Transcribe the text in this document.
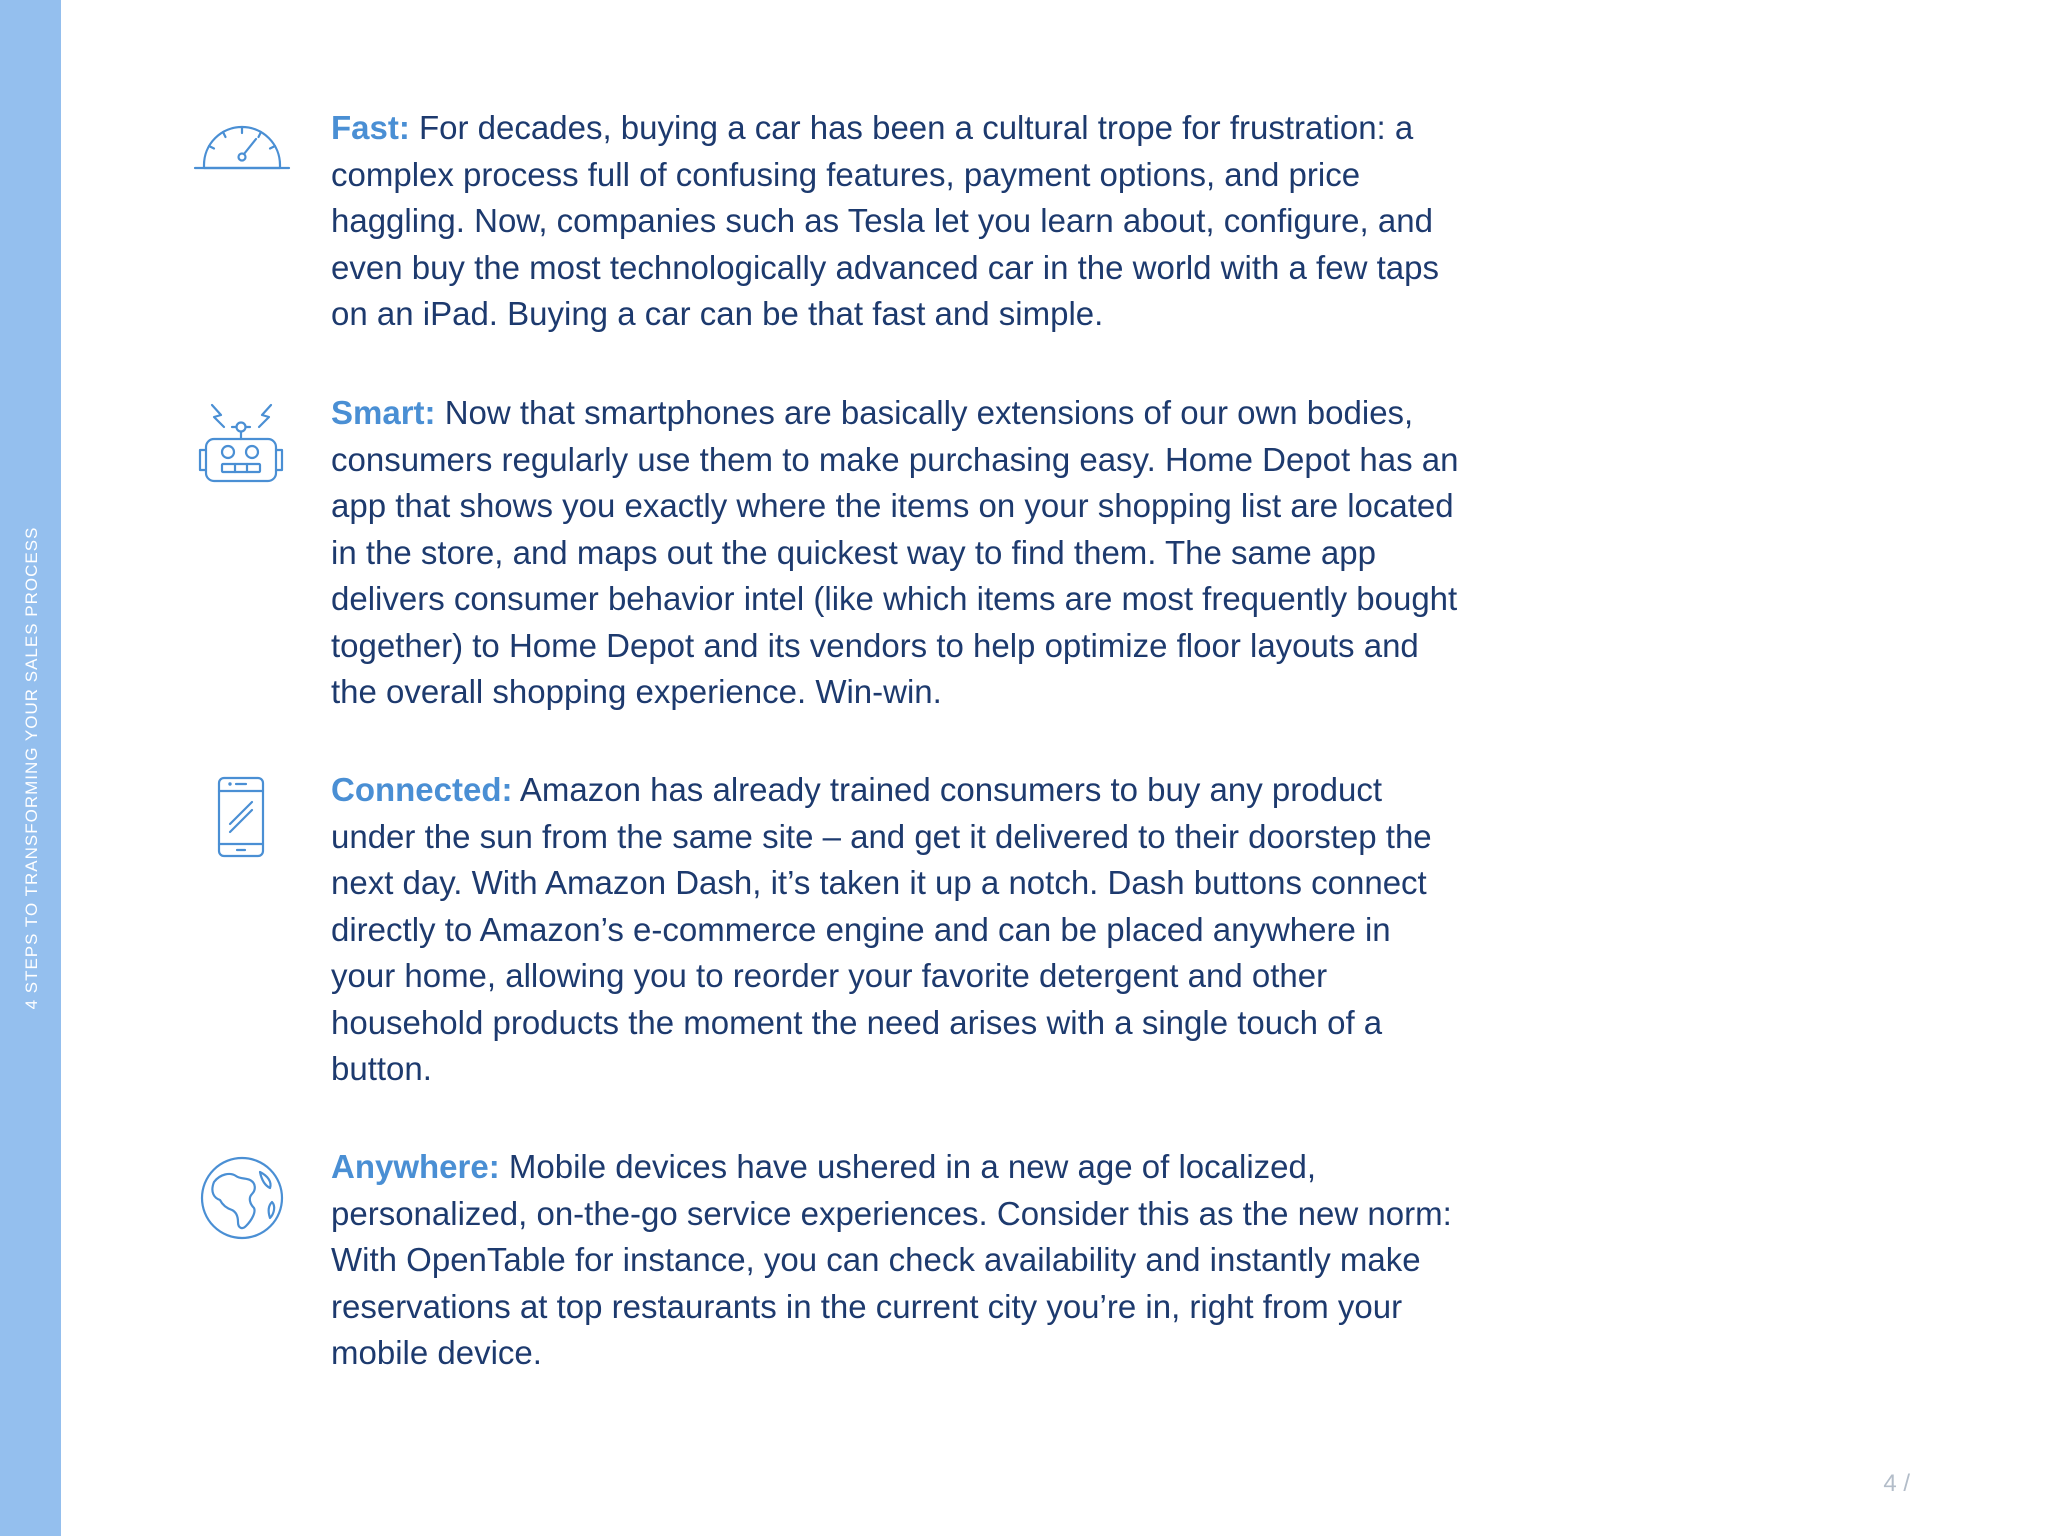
4 STEPS TO TRANSFORMING YOUR SALES PROCESS

Fast: For decades, buying a car has been a cultural trope for frustration: a complex process full of confusing features, payment options, and price haggling. Now, companies such as Tesla let you learn about, configure, and even buy the most technologically advanced car in the world with a few taps on an iPad. Buying a car can be that fast and simple.

Smart: Now that smartphones are basically extensions of our own bodies, consumers regularly use them to make purchasing easy. Home Depot has an app that shows you exactly where the items on your shopping list are located in the store, and maps out the quickest way to find them. The same app delivers consumer behavior intel (like which items are most frequently bought together) to Home Depot and its vendors to help optimize floor layouts and the overall shopping experience. Win-win.

Connected: Amazon has already trained consumers to buy any product under the sun from the same site – and get it delivered to their doorstep the next day. With Amazon Dash, it’s taken it up a notch. Dash buttons connect directly to Amazon’s e-commerce engine and can be placed anywhere in your home, allowing you to reorder your favorite detergent and other household products the moment the need arises with a single touch of a button.

Anywhere: Mobile devices have ushered in a new age of localized, personalized, on-the-go service experiences. Consider this as the new norm: With OpenTable for instance, you can check availability and instantly make reservations at top restaurants in the current city you’re in, right from your mobile device.

4 /
